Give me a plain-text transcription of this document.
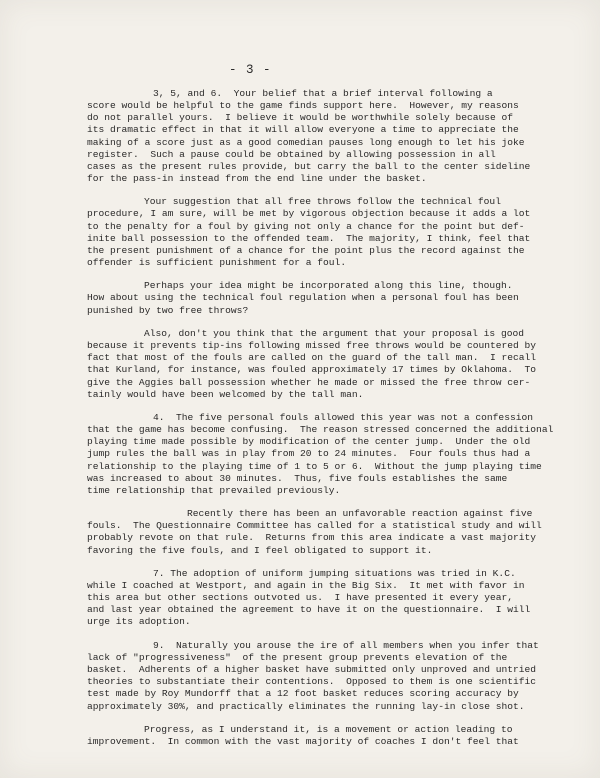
- 3 -
3, 5, and 6.  Your belief that a brief interval following a
score would be helpful to the game finds support here.  However, my reasons
do not parallel yours.  I believe it would be worthwhile solely because of
its dramatic effect in that it will allow everyone a time to appreciate the
making of a score just as a good comedian pauses long enough to let his joke
register.  Such a pause could be obtained by allowing possession in all
cases as the present rules provide, but carry the ball to the center sideline
for the pass-in instead from the end line under the basket.
Your suggestion that all free throws follow the technical foul
procedure, I am sure, will be met by vigorous objection because it adds a lot
to the penalty for a foul by giving not only a chance for the point but def-
inite ball possession to the offended team.  The majority, I think, feel that
the present punishment of a chance for the point plus the record against the
offender is sufficient punishment for a foul.
Perhaps your idea might be incorporated along this line, though.
How about using the technical foul regulation when a personal foul has been
punished by two free throws?
Also, don't you think that the argument that your proposal is good
because it prevents tip-ins following missed free throws would be countered by
fact that most of the fouls are called on the guard of the tall man.  I recall
that Kurland, for instance, was fouled approximately 17 times by Oklahoma.  To
give the Aggies ball possession whether he made or missed the free throw cer-
tainly would have been welcomed by the tall man.
4.  The five personal fouls allowed this year was not a confession
that the game has become confusing.  The reason stressed concerned the additional
playing time made possible by modification of the center jump.  Under the old
jump rules the ball was in play from 20 to 24 minutes.  Four fouls thus had a
relationship to the playing time of 1 to 5 or 6.  Without the jump playing time
was increased to about 30 minutes.  Thus, five fouls establishes the same
time relationship that prevailed previously.
Recently there has been an unfavorable reaction against five
fouls.  The Questionnaire Committee has called for a statistical study and will
probably revote on that rule.  Returns from this area indicate a vast majority
favoring the five fouls, and I feel obligated to support it.
7. The adoption of uniform jumping situations was tried in K.C.
while I coached at Westport, and again in the Big Six.  It met with favor in
this area but other sections outvoted us.  I have presented it every year,
and last year obtained the agreement to have it on the questionnaire.  I will
urge its adoption.
9.  Naturally you arouse the ire of all members when you infer that
lack of "progressiveness"  of the present group prevents elevation of the
basket.  Adherents of a higher basket have submitted only unproved and untried
theories to substantiate their contentions.  Opposed to them is one scientific
test made by Roy Mundorff that a 12 foot basket reduces scoring accuracy by
approximately 30%, and practically eliminates the running lay-in close shot.
Progress, as I understand it, is a movement or action leading to
improvement.  In common with the vast majority of coaches I don't feel that
